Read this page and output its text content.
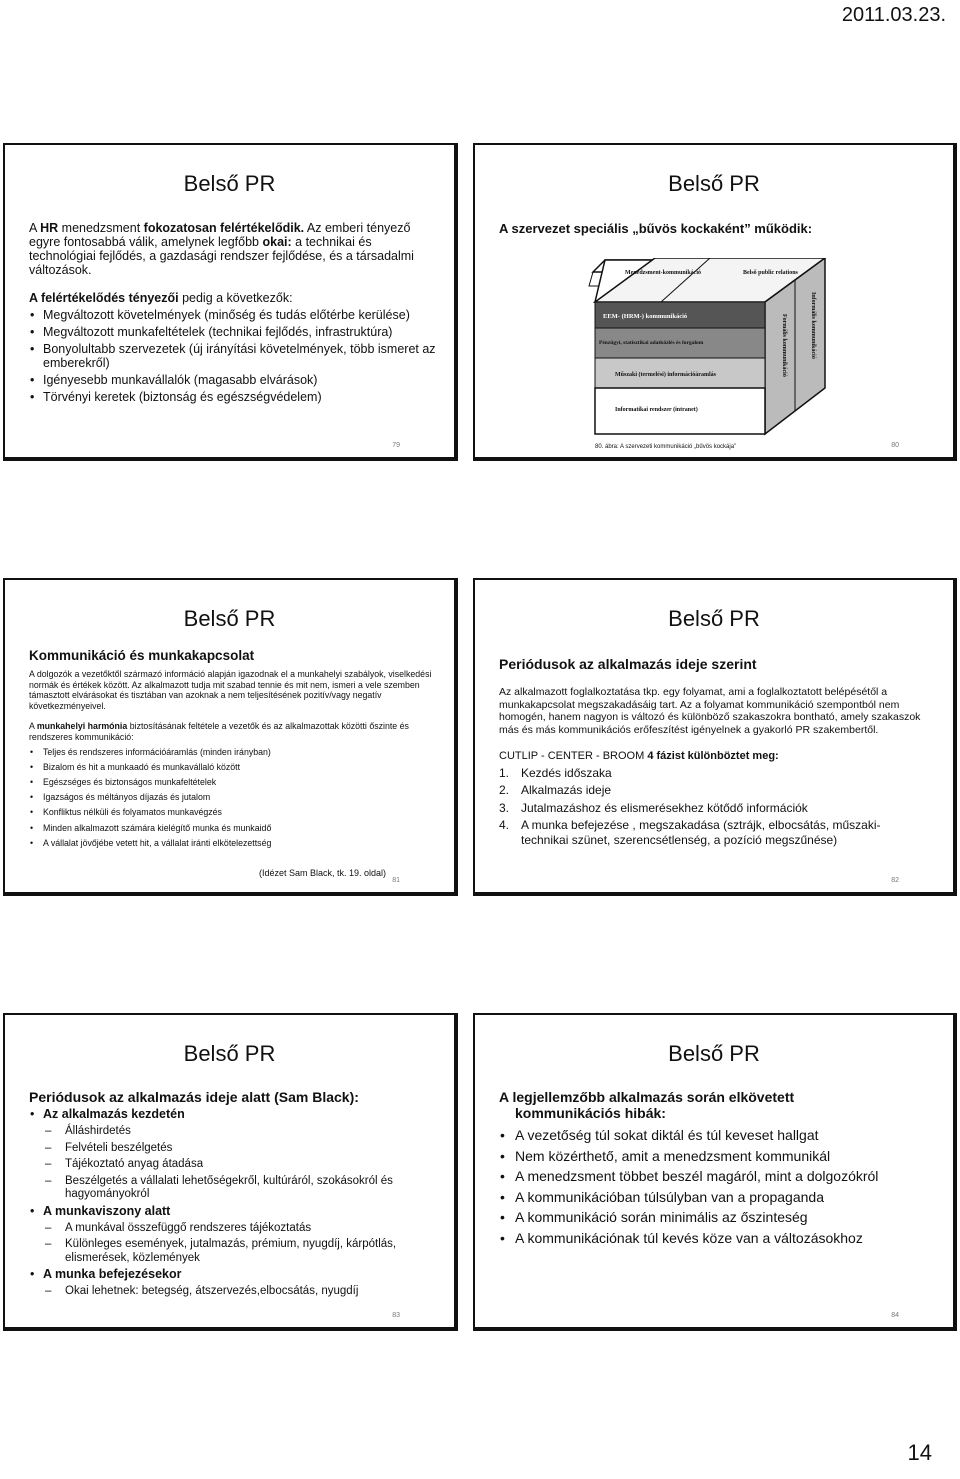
2011.03.23.
Belső PR

A HR menedzsment fokozatosan felértékelődik. Az emberi tényező egyre fontosabbá válik, amelynek legfőbb okai: a technikai és technológiai fejlődés, a gazdasági rendszer fejlődése, és a társadalmi változások.

A felértékelődés tényezői pedig a következők:

• Megváltozott követelmények (minőség és tudás előtérbe kerülése)
• Megváltozott munkafeltételek (technikai fejlődés, infrastruktúra)
• Bonyolultabb szervezetek (új irányítási követelmények, több ismeret az emberekről)
• Igényesebb munkavállalók (magasabb elvárások)
• Törvényi keretek (biztonság és egészségvédelem)
79
Belső PR
A szervezet speciális „bűvös kockaként” működik:
Menedzsment-kommunikáció	Belső public relations
EEM- (HRM-) kommunikáció
Pénzügyi, statisztikai adatközlés és forgalom
Műszaki (termelési) információáramlás
Informatikai rendszer (intranet)
Informális kommunikáció
Formális kommunikáció
80. ábra: A szervezeti kommunikáció „bűvös kockája”	80
Belső PR
Kommunikáció és munkakapcsolat

A dolgozók a vezetőktől származó információ alapján igazodnak el a munkahelyi szabályok, viselkedési normák és értékek között. Az alkalmazott tudja mit szabad tennie és mit nem, ismeri a vele szemben támasztott elvárásokat és tisztában van azoknak a nem teljesítésének pozitív/vagy negatív következményeivel.

A munkahelyi harmónia biztosításának feltétele a vezetők és az alkalmazottak közötti őszinte és rendszeres kommunikáció:

• Teljes és rendszeres információáramlás (minden irányban)
• Bizalom és hit a munkaadó és munkavállaló között
• Egészséges és biztonságos munkafeltételek
• Igazságos és méltányos díjazás és jutalom
• Konfliktus nélküli és folyamatos munkavégzés
• Minden alkalmazott számára kielégítő munka és munkaidő
• A vállalat jövőjébe vetett hit, a vállalat iránti elkötelezettség
(Idézet Sam Black, tk. 19. oldal)
81
Belső PR
Periódusok az alkalmazás ideje szerint

Az alkalmazott foglalkoztatása tkp. egy folyamat, ami a foglalkoztatott belépésétől a munkakapcsolat megszakadásáig tart. Az a folyamat kommunikáció szempontból nem homogén, hanem nagyon is változó és különböző szakaszokra bontható, amely szakaszok más és más kommunikációs erőfeszítést igényelnek a gyakorló PR szakembertől.

CUTLIP - CENTER - BROOM 4 fázist különböztet meg:

1. Kezdés időszaka
2. Alkalmazás ideje
3. Jutalmazáshoz és elismerésekhez kötődő információk
4. A munka befejezése , megszakadása (sztrájk, elbocsátás, műszaki-technikai szünet, szerencsétlenség, a pozíció megszűnése)
82
Belső PR
Periódusok az alkalmazás ideje alatt (Sam Black):
• Az alkalmazás kezdetén
– Álláshirdetés
– Felvételi beszélgetés
– Tájékoztató anyag átadása
– Beszélgetés a vállalati lehetőségekről, kultúráról, szokásokról és hagyományokról
• A munkaviszony alatt
– A munkával összefüggő rendszeres tájékoztatás
– Különleges események, jutalmazás, prémium, nyugdíj, kárpótlás, elismerések, közlemények
• A munka befejezésekor
– Okai lehetnek: betegség, átszervezés,elbocsátás, nyugdíj
83
Belső PR
A legjellemzőbb alkalmazás során elkövetett kommunikációs hibák:
• A vezetőség túl sokat diktál és túl keveset hallgat
• Nem közérthető, amit a menedzsment kommunikál
• A menedzsment többet beszél magáról, mint a dolgozókról
• A kommunikációban túlsúlyban van a propaganda
• A kommunikáció során minimális az őszinteség
• A kommunikációnak túl kevés köze van a változásokhoz
84
14
